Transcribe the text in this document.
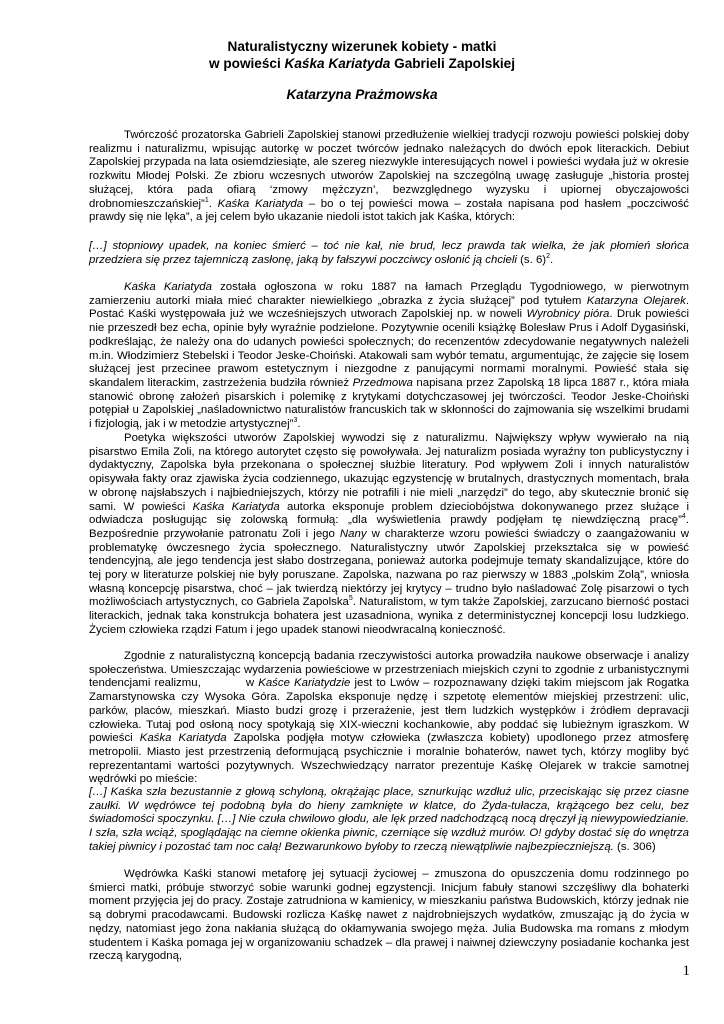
Naturalistyczny wizerunek kobiety - matki
w powieści Kaśka Kariatyda Gabrieli Zapolskiej
Katarzyna Prażmowska
Twórczość prozatorska Gabrieli Zapolskiej stanowi przedłużenie wielkiej tradycji rozwoju powieści polskiej doby realizmu i naturalizmu, wpisując autorkę w poczet twórców jednako należących do dwóch epok literackich. Debiut Zapolskiej przypada na lata osiemdziesiąte, ale szereg niezwykle interesujących nowel i powieści wydała już w okresie rozkwitu Młodej Polski. Ze zbioru wczesnych utworów Zapolskiej na szczególną uwagę zasługuje „historia prostej służącej, która pada ofiarą ‘zmowy mężczyzn’, bezwzględnego wyzysku i upiornej obyczajowości drobnomieszczańskiej”$^1$. Kaśka Kariatyda – bo o tej powieści mowa – została napisana pod hasłem „poczciwość prawdy się nie lęka”, a jej celem było ukazanie niedoli istot takich jak Kaśka, których:
[…] stopniowy upadek, na koniec śmierć – toć nie kał, nie brud, lecz prawda tak wielka, że jak płomień słońca przedziera się przez tajemniczą zasłonę, jaką by fałszywi poczciwcy osłonić ją chcieli (s. 6)$^2$.
Kaśka Kariatyda została ogłoszona w roku 1887 na łamach Przeglądu Tygodniowego, w pierwotnym zamierzeniu autorki miała mieć charakter niewielkiego „obrazka z życia służącej” pod tytułem Katarzyna Olejarek. Postać Kaśki występowała już we wcześniejszych utworach Zapolskiej np. w noweli Wyrobnicy pióra. Druk powieści nie przeszedł bez echa, opinie były wyraźnie podzielone. Pozytywnie ocenili książkę Bolesław Prus i Adolf Dygasiński, podkreślając, że należy ona do udanych powieści społecznych; do recenzentów zdecydowanie negatywnych należeli m.in. Włodzimierz Stebelski i Teodor Jeske-Choiński. Atakowali sam wybór tematu, argumentując, że zajęcie się losem służącej jest przecinee prawom estetycznym i niezgodne z panującymi normami moralnymi. Powieść stała się skandalem literackim, zastrzeżenia budziła również Przedmowa napisana przez Zapolską 18 lipca 1887 r., która miała stanowić obronę założeń pisarskich i polemikę z krytykami dotychczasowej jej twórczości. Teodor Jeske-Choiński potępiał u Zapolskiej „naśladownictwo naturalistów francuskich tak w skłonności do zajmowania się wszelkimi brudami i fizjologią, jak i w metodzie artystycznej”$^3$.
Poetyka większości utworów Zapolskiej wywodzi się z naturalizmu. Największy wpływ wywierało na nią pisarstwo Emila Zoli, na którego autorytet często się powoływała. Jej naturalizm posiada wyraźny ton publicystyczny i dydaktyczny, Zapolska była przekonana o społecznej służbie literatury. Pod wpływem Zoli i innych naturalistów opisywała fakty oraz zjawiska życia codziennego, ukazując egzystencję w brutalnych, drastycznych momentach, brała w obronę najsłabszych i najbiedniejszych, którzy nie potrafili i nie mieli „narzędzi” do tego, aby skutecznie bronić się sami. W powieści Kaśka Kariatyda autorka eksponuje problem dzieciobójstwa dokonywanego przez służące i odwiadcza posługując się zolowską formułą: „dla wyświetlenia prawdy podjęłam tę niewdzięczną pracę”$^4$. Bezpośrednie przywołanie patronatu Zoli i jego Nany w charakterze wzoru powieści świadczy o zaangażowaniu w problematykę ówczesnego życia społecznego. Naturalistyczny utwór Zapolskiej przekształca się w powieść tendencyjną, ale jego tendencja jest słabo dostrzegana, ponieważ autorka podejmuje tematy skandalizujące, które do tej pory w literaturze polskiej nie były poruszane. Zapolska, nazwana po raz pierwszy w 1883 „polskim Zolą”, wniosła własną koncepcję pisarstwa, choć – jak twierdzą niektórzy jej krytycy – trudno było naśladować Zolę pisarzowi o tych możliwościach artystycznych, co Gabriela Zapolska$^5$. Naturalistom, w tym także Zapolskiej, zarzucano bierność postaci literackich, jednak taka konstrukcja bohatera jest uzasadniona, wynika z deterministycznej koncepcji losu ludzkiego. Życiem człowieka rządzi Fatum i jego upadek stanowi nieodwracalną konieczność.
Zgodnie z naturalistyczną koncepcją badania rzeczywistości autorka prowadziła naukowe obserwacje i analizy społeczeństwa. Umieszczając wydarzenia powieściowe w przestrzeniach miejskich czyni to zgodnie z urbanistycznymi tendencjami realizmu,           w Kaśce Kariatydzie jest to Lwów – rozpoznawany dzięki takim miejscom jak Rogatka Zamarstynowska czy Wysoka Góra. Zapolska eksponuje nędzę i szpetotę elementów miejskiej przestrzeni: ulic, parków, placów, mieszkań. Miasto budzi grozę i przerażenie, jest tłem ludzkich występków i źródłem depravacji człowieka. Tutaj pod osłoną nocy spotykają się XIX-wieczni kochankowie, aby poddać się lubieżnym igraszkom. W powieści Kaśka Kariatyda Zapolska podjęła motyw człowieka (zwłaszcza kobiety) upodlonego przez atmosferę metropolii. Miasto jest przestrzenią deformującą psychicznie i moralnie bohaterów, nawet tych, którzy mogliby być reprezentantami wartości pozytywnych. Wszechwiedzący narrator prezentuje Kaśkę Olejarek w trakcie samotnej wędrówki po mieście:
[…] Kaśka szła bezustannie z głową schyloną, okrążając place, sznurkując wzdłuż ulic, przeciskając się przez ciasne zaułki. W wędrówce tej podobną była do hieny zamknięte w klatce, do Żyda-tułacza, krążącego bez celu, bez świadomości spoczynku. […] Nie czuła chwilowo głodu, ale lęk przed nadchodzącą nocą dręczył ją niewypowiedzianie. I szła, szła wciąż, spoglądając na ciemne okienka piwnic, czerniące się wzdłuż murów. O! gdyby dostać się do wnętrza takiej piwnicy i pozostać tam noc całą! Bezwarunkowo byłoby to rzeczą niewątpliwie najbezpieczniejszą. (s. 306)
Wędrówka Kaśki stanowi metaforę jej sytuacji życiowej – zmuszona do opuszczenia domu rodzinnego po śmierci matki, próbuje stworzyć sobie warunki godnej egzystencji. Inicjum fabuły stanowi szczęśliwy dla bohaterki moment przyjęcia jej do pracy. Zostaje zatrudniona w kamienicy, w mieszkaniu państwa Budowskich, którzy jednak nie są dobrymi pracodawcami. Budowski rozlicza Kaśkę nawet z najdrobniejszych wydatków, zmuszając ją do życia w nędzy, natomiast jego żona nakłania służącą do okłamywania swojego męża. Julia Budowska ma romans z młodym studentem i Kaśka pomaga jej w organizowaniu schadzek – dla prawej i naiwnej dziewczyny posiadanie kochanka jest rzeczą karygodną,
1
